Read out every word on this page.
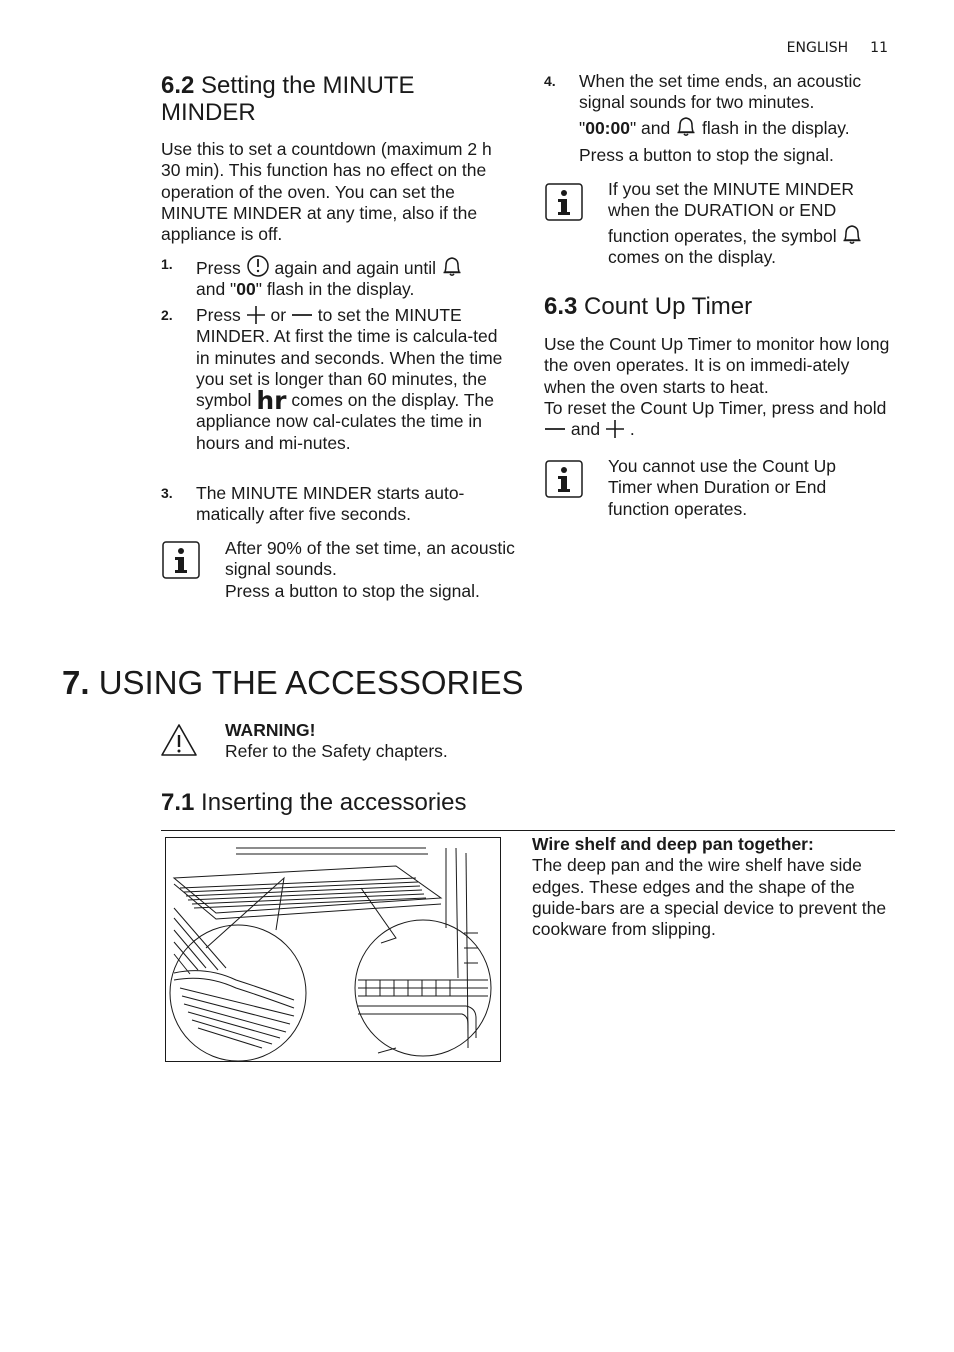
ENGLISH 11
6.2 Setting the MINUTE MINDER

Use this to set a countdown (maximum 2 h 30 min). This function has no effect on the operation of the oven. You can set the MINUTE MINDER at any time, also if the appliance is off.

1. Press again and again until
and "00" flash in the display.
2. Press or to set the MINUTE MINDER. At first the time is calcula-ted in minutes and seconds. When the time you set is longer than 60 minutes, the symbol hr comes on the display. The appliance now cal-culates the time in hours and mi-nutes.
3. The MINUTE MINDER starts auto-matically after five seconds.
After 90% of the set time, an acoustic signal sounds.
Press a button to stop the signal.
4. When the set time ends, an acoustic signal sounds for two minutes.
"00:00" and flash in the display.
Press a button to stop the signal.
If you set the MINUTE MINDER when the DURATION or END function operates, the symbol  comes on the display.
6.3 Count Up Timer
Use the Count Up Timer to monitor how long the oven operates. It is on immedi-ately when the oven starts to heat.
To reset the Count Up Timer, press and hold  and .

You cannot use the Count Up Timer when Duration or End function operates.

7. USING THE ACCESSORIES
WARNING!
Refer to the Safety chapters.
7.1 Inserting the accessories
Wire shelf and deep pan together:
The deep pan and the wire shelf have side edges. These edges and the shape of the guide-bars are a special device to prevent the cookware from slipping.
